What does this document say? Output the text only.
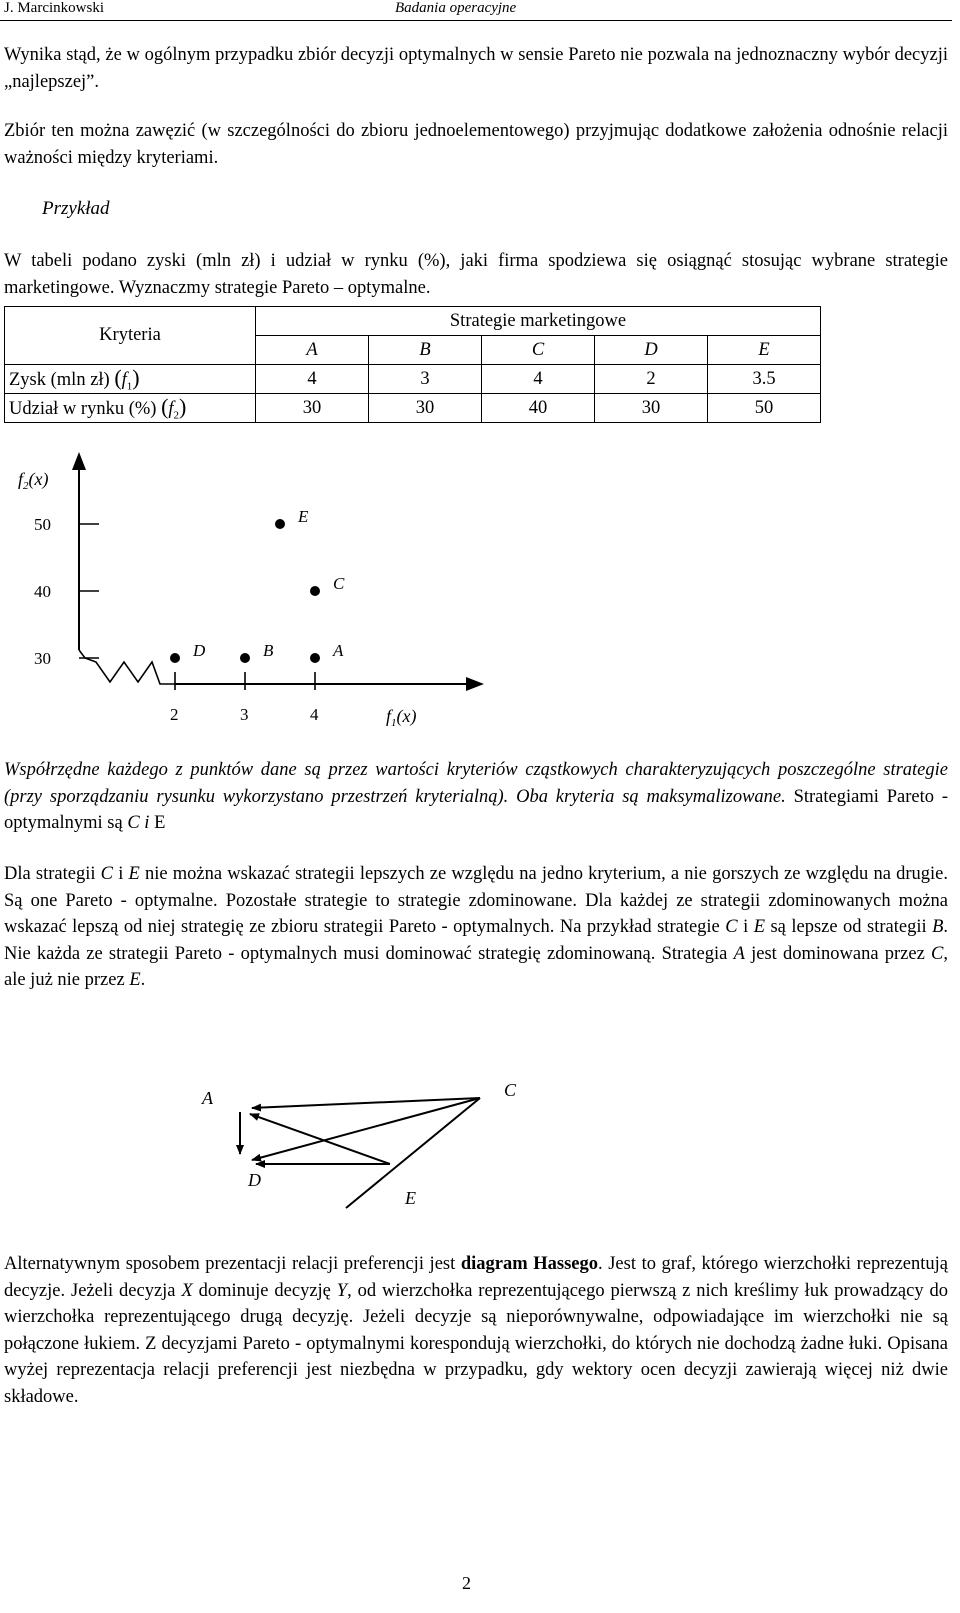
J. Marcinkowski	Badania operacyjne

Wynika stąd, że w ogólnym przypadku zbiór decyzji optymalnych w sensie Pareto nie pozwala na jednoznaczny wybór decyzji „najlepszej”.

Zbiór ten można zawęzić (w szczególności do zbioru jednoelementowego) przyjmując dodatkowe założenia odnośnie relacji ważności między kryteriami.

Przykład

W tabeli podano zyski (mln zł) i udział w rynku (%), jaki firma spodziewa się osiągnąć stosując wybrane strategie marketingowe. Wyznaczmy strategie Pareto – optymalne.

Kryteria	Strategie marketingowe				
	A	B	C	D	E
Zysk (mln zł) $(f_1)$	4	3	4	2	3.5
Udział w rynku (%) $(f_2)$	30	30	40	30	50
30
40
50
2	3	4
D	B	A
C
E
$f_2(x)$
$f_1(x)$

Współrzędne każdego z punktów dane są przez wartości kryteriów cząstkowych charakteryzujących poszczególne strategie (przy sporządzaniu rysunku wykorzystano przestrzeń kryterialną). Oba kryteria są maksymalizowane. Strategiami Pareto - optymalnymi są C i E

Dla strategii C i E nie można wskazać strategii lepszych ze względu na jedno kryterium, a nie gorszych ze względu na drugie. Są one Pareto - optymalne. Pozostałe strategie to strategie zdominowane. Dla każdej ze strategii zdominowanych można wskazać lepszą od niej strategię ze zbioru strategii Pareto - optymalnych. Na przykład strategie C i E są lepsze od strategii B. Nie każda ze strategii Pareto - optymalnych musi dominować strategię zdominowaną. Strategia A jest dominowana przez C, ale już nie przez E.

A	C
D
E

Alternatywnym sposobem prezentacji relacji preferencji jest diagram Hassego. Jest to graf, którego wierzchołki reprezentują decyzje. Jeżeli decyzja X dominuje decyzję Y, od wierzchołka reprezentującego pierwszą z nich kreślimy łuk prowadzący do wierzchołka reprezentującego drugą decyzję. Jeżeli decyzje są nieporównywalne, odpowiadające im wierzchołki nie są połączone łukiem. Z decyzjami Pareto - optymalnymi korespondują wierzchołki, do których nie dochodzą żadne łuki. Opisana wyżej reprezentacja relacji preferencji jest niezbędna w przypadku, gdy wektory ocen decyzji zawierają więcej niż dwie składowe.

2
